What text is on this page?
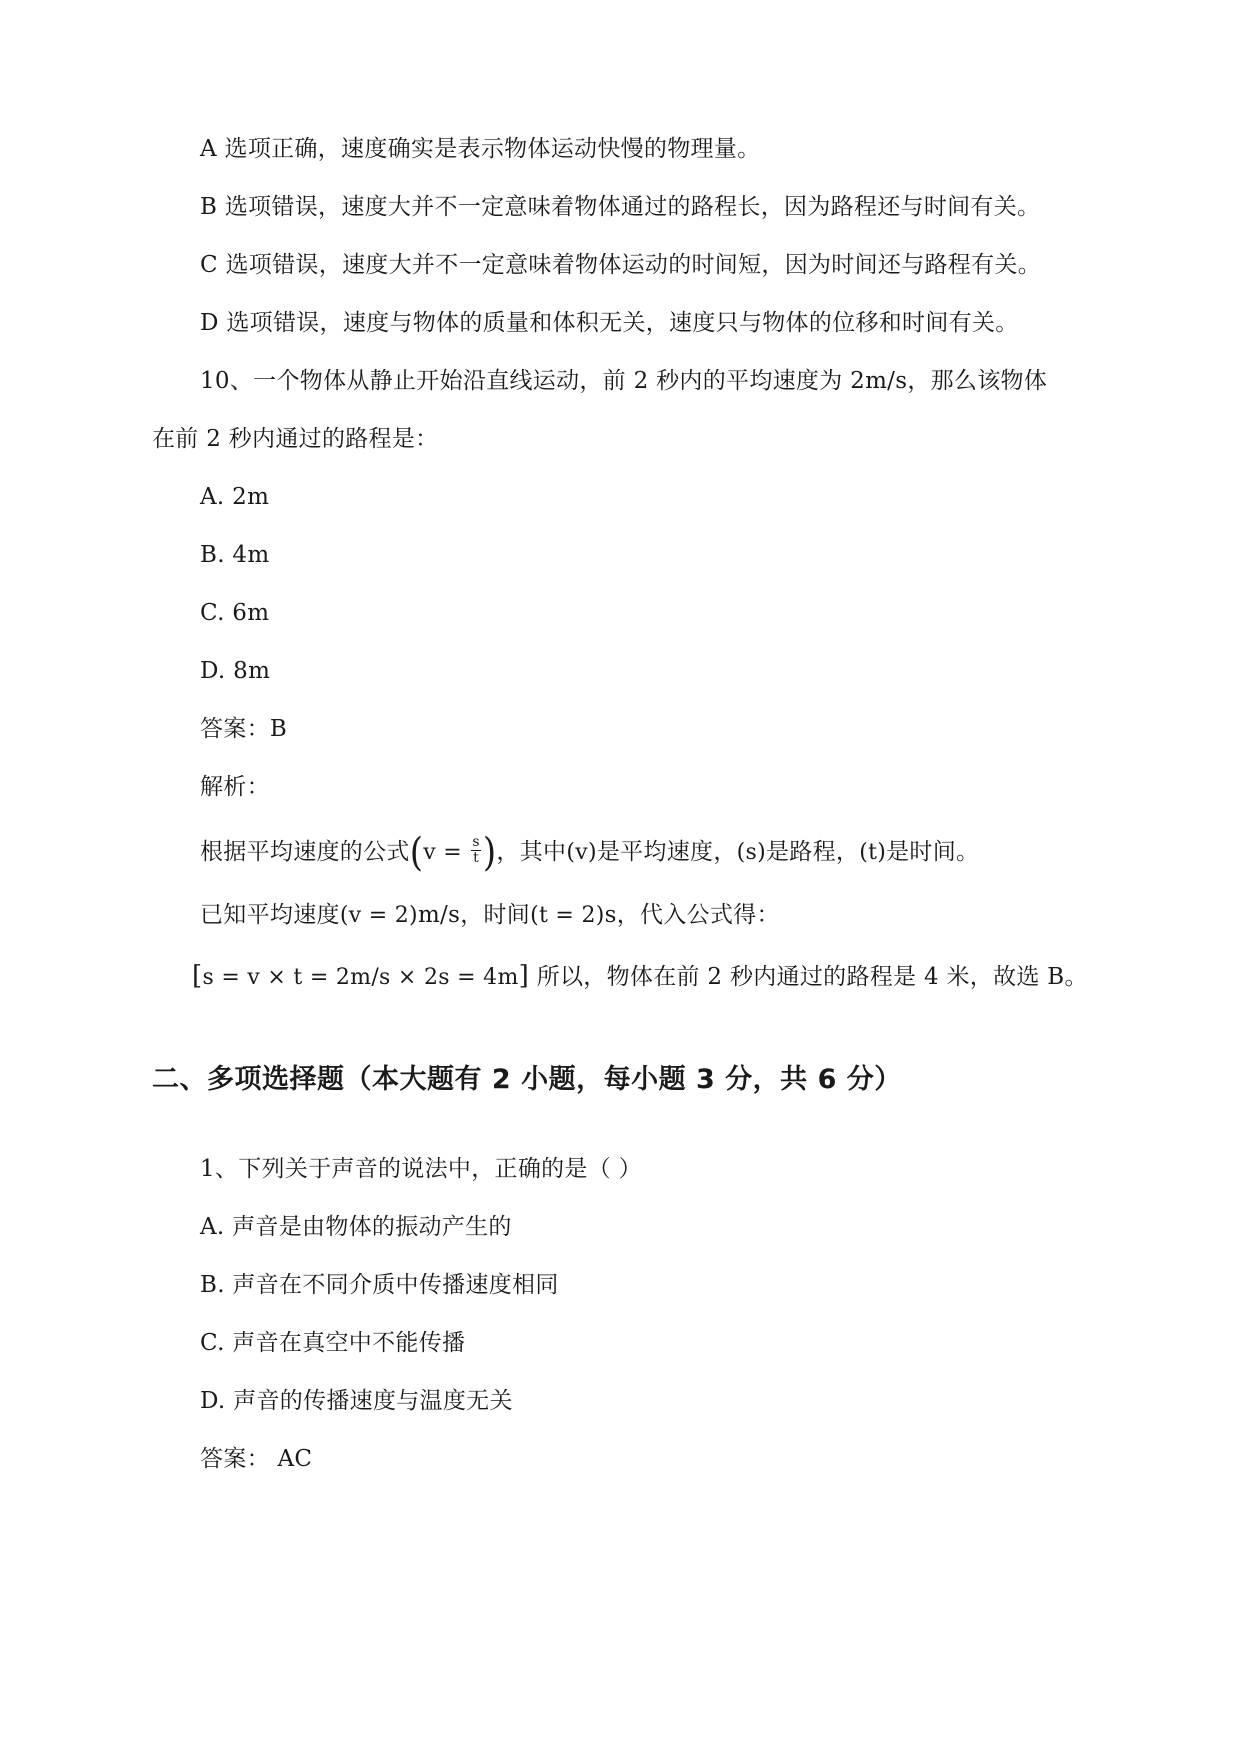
A 选项正确，速度确实是表示物体运动快慢的物理量。
B 选项错误，速度大并不一定意味着物体通过的路程长，因为路程还与时间有关。
C 选项错误，速度大并不一定意味着物体运动的时间短，因为时间还与路程有关。
D 选项错误，速度与物体的质量和体积无关，速度只与物体的位移和时间有关。
10、一个物体从静止开始沿直线运动，前 2 秒内的平均速度为 2m/s，那么该物体
在前 2 秒内通过的路程是：
A. 2m
B. 4m
C. 6m
D. 8m
答案：B
解析：
根据平均速度的公式($v = \frac{s}{t}$ )，其中(v)是平均速度，(s)是路程，(t)是时间。
已知平均速度(v = 2)m/s，时间(t = 2)s，代入公式得：
[s = v × t = 2m/s × 2s = 4m] 所以，物体在前 2 秒内通过的路程是 4 米，故选 B。
二、多项选择题（本大题有 2 小题，每小题 3 分，共 6 分）
1、下列关于声音的说法中，正确的是（ ）
A. 声音是由物体的振动产生的
B. 声音在不同介质中传播速度相同
C. 声音在真空中不能传播
D. 声音的传播速度与温度无关
答案： AC
